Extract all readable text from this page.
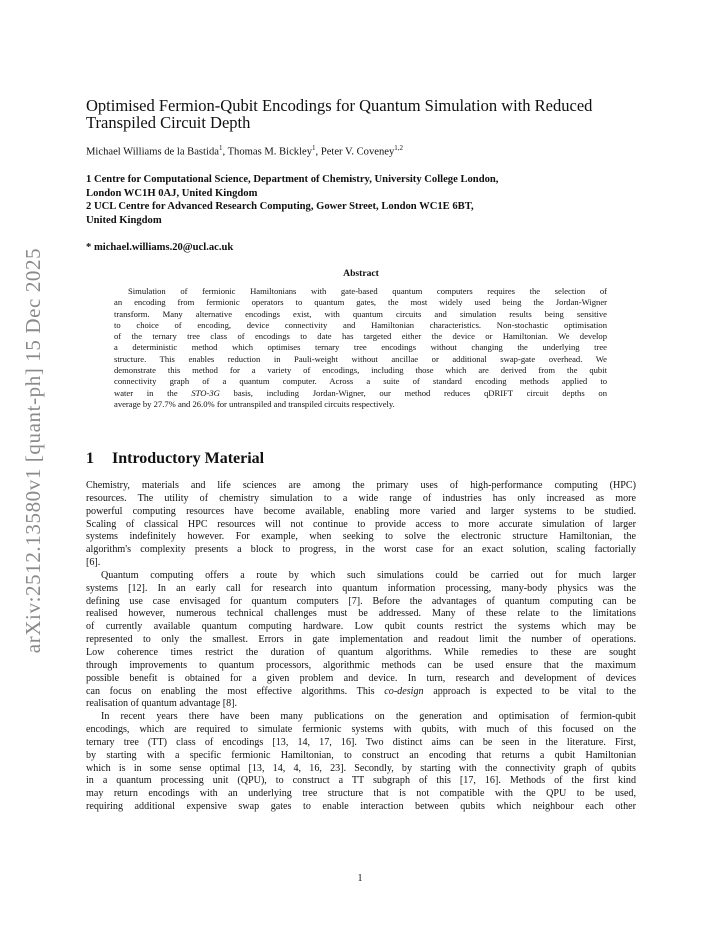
arXiv:2512.13580v1 [quant-ph] 15 Dec 2025
Optimised Fermion-Qubit Encodings for Quantum Simulation with Reduced
Transpiled Circuit Depth
Michael Williams de la Bastida$^1$, Thomas M. Bickley$^1$, Peter V. Coveney$^{1,2}$
1 Centre for Computational Science, Department of Chemistry, University College London,
London WC1H 0AJ, United Kingdom
2 UCL Centre for Advanced Research Computing, Gower Street, London WC1E 6BT,
United Kingdom
* michael.williams.20@ucl.ac.uk
Abstract
Simulation of fermionic Hamiltonians with gate-based quantum computers requires the selection of
an encoding from fermionic operators to quantum gates, the most widely used being the Jordan-Wigner
transform. Many alternative encodings exist, with quantum circuits and simulation results being sensitive
to choice of encoding, device connectivity and Hamiltonian characteristics. Non-stochastic optimisation
of the ternary tree class of encodings to date has targeted either the device or Hamiltonian. We develop
a deterministic method which optimises ternary tree encodings without changing the underlying tree
structure. This enables reduction in Pauli-weight without ancillae or additional swap-gate overhead. We
demonstrate this method for a variety of encodings, including those which are derived from the qubit
connectivity graph of a quantum computer. Across a suite of standard encoding methods applied to
water in the STO-3G basis, including Jordan-Wigner, our method reduces qDRIFT circuit depths on
average by 27.7% and 26.0% for untranspiled and transpiled circuits respectively.
1 Introductory Material
Chemistry, materials and life sciences are among the primary uses of high-performance computing (HPC)
resources. The utility of chemistry simulation to a wide range of industries has only increased as more
powerful computing resources have become available, enabling more varied and larger systems to be studied.
Scaling of classical HPC resources will not continue to provide access to more accurate simulation of larger
systems indefinitely however. For example, when seeking to solve the electronic structure Hamiltonian, the
algorithm's complexity presents a block to progress, in the worst case for an exact solution, scaling factorially
[6].
Quantum computing offers a route by which such simulations could be carried out for much larger
systems [12]. In an early call for research into quantum information processing, many-body physics was the
defining use case envisaged for quantum computers [7]. Before the advantages of quantum computing can be
realised however, numerous technical challenges must be addressed. Many of these relate to the limitations
of currently available quantum computing hardware. Low qubit counts restrict the systems which may be
represented to only the smallest. Errors in gate implementation and readout limit the number of operations.
Low coherence times restrict the duration of quantum algorithms. While remedies to these are sought
through improvements to quantum processors, algorithmic methods can be used ensure that the maximum
possible benefit is obtained for a given problem and device. In turn, research and development of devices
can focus on enabling the most effective algorithms. This co-design approach is expected to be vital to the
realisation of quantum advantage [8].
In recent years there have been many publications on the generation and optimisation of fermion-qubit
encodings, which are required to simulate fermionic systems with qubits, with much of this focused on the
ternary tree (TT) class of encodings [13, 14, 17, 16]. Two distinct aims can be seen in the literature. First,
by starting with a specific fermionic Hamiltonian, to construct an encoding that returns a qubit Hamiltonian
which is in some sense optimal [13, 14, 4, 16, 23]. Secondly, by starting with the connectivity graph of qubits
in a quantum processing unit (QPU), to construct a TT subgraph of this [17, 16]. Methods of the first kind
may return encodings with an underlying tree structure that is not compatible with the QPU to be used,
requiring additional expensive swap gates to enable interaction between qubits which neighbour each other
1
